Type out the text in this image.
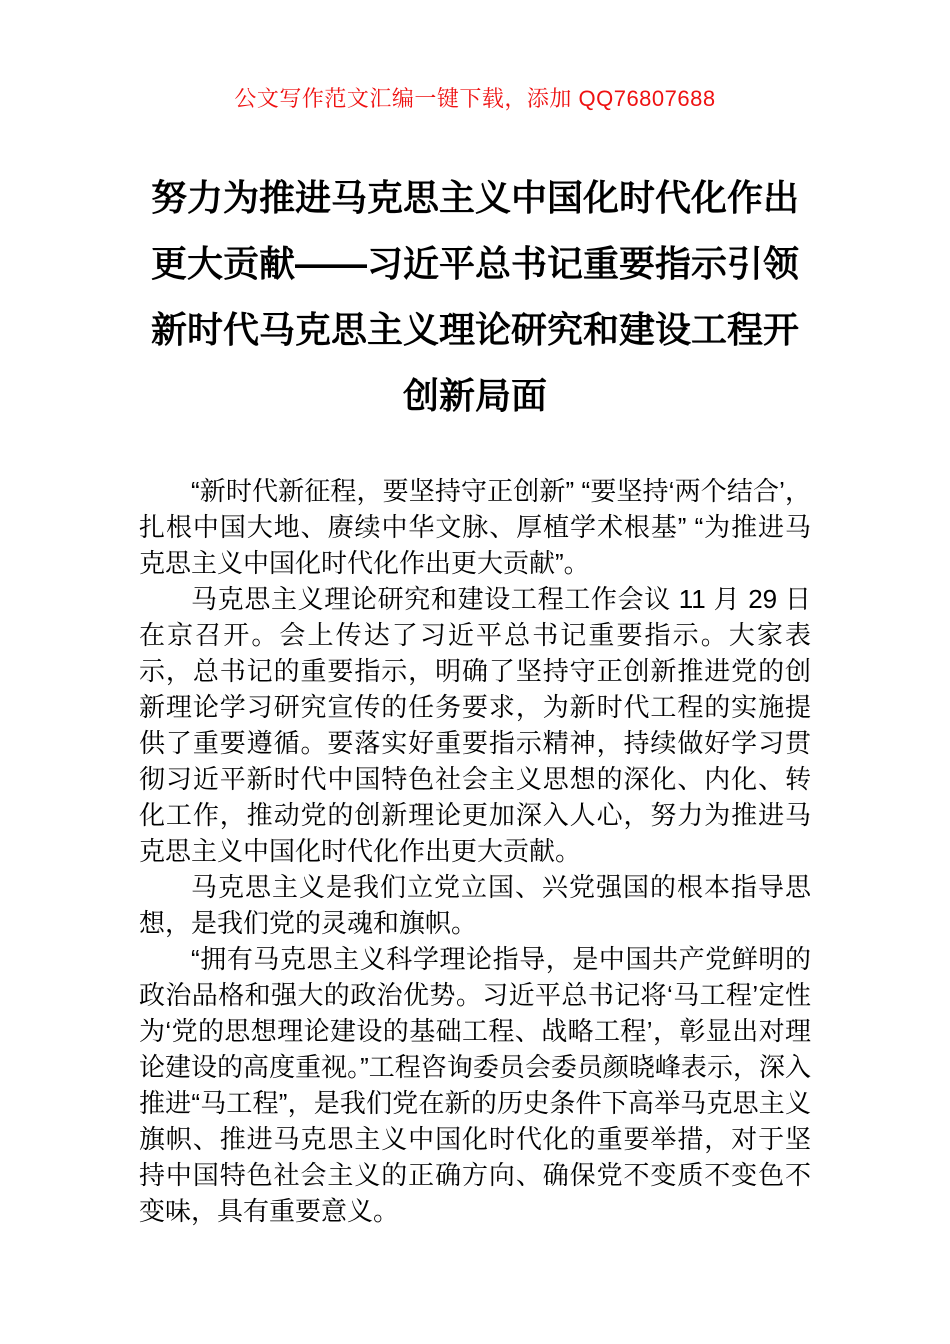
公文写作范文汇编一键下载，添加 QQ76807688
努力为推进马克思主义中国化时代化作出
更大贡献——习近平总书记重要指示引领
新时代马克思主义理论研究和建设工程开
创新局面

“新时代新征程，要坚持守正创新” “要坚持‘两个结合’，扎根中国大地、赓续中华文脉、厚植学术根基” “为推进马克思主义中国化时代化作出更大贡献”。

马克思主义理论研究和建设工程工作会议 11 月 29 日在京召开。会上传达了习近平总书记重要指示。大家表示，总书记的重要指示，明确了坚持守正创新推进党的创新理论学习研究宣传的任务要求，为新时代工程的实施提供了重要遵循。要落实好重要指示精神，持续做好学习贯彻习近平新时代中国特色社会主义思想的深化、内化、转化工作，推动党的创新理论更加深入人心，努力为推进马克思主义中国化时代化作出更大贡献。

马克思主义是我们立党立国、兴党强国的根本指导思想，是我们党的灵魂和旗帜。

“拥有马克思主义科学理论指导，是中国共产党鲜明的政治品格和强大的政治优势。习近平总书记将‘马工程’定性为‘党的思想理论建设的基础工程、战略工程’，彰显出对理论建设的高度重视。”工程咨询委员会委员颜晓峰表示，深入推进“马工程”，是我们党在新的历史条件下高举马克思主义旗帜、推进马克思主义中国化时代化的重要举措，对于坚持中国特色社会主义的正确方向、确保党不变质不变色不变味，具有重要意义。
